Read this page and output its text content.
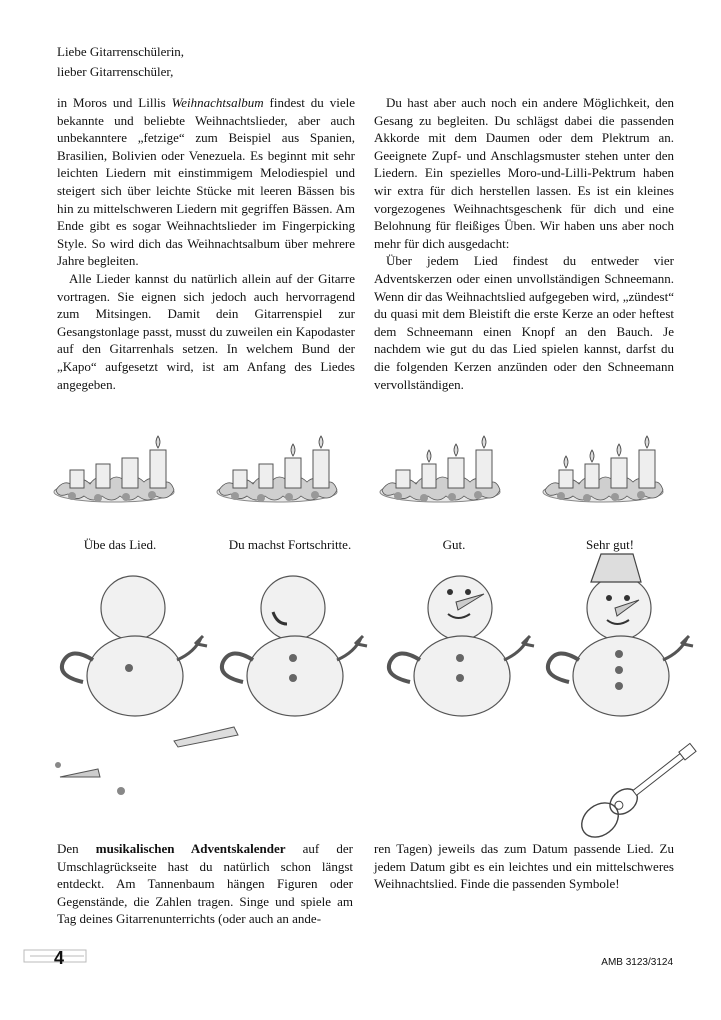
Liebe Gitarrenschülerin,
lieber Gitarrenschüler,

in Moros und Lillis Weihnachtsalbum findest du viele bekannte und beliebte Weihnachtslieder, aber auch unbekanntere „fetzige“ zum Beispiel aus Spanien, Brasilien, Bolivien oder Venezuela. Es beginnt mit sehr leichten Liedern mit einstimmigem Melodiespiel und steigert sich über leichte Stücke mit leeren Bässen bis hin zu mittelschweren Liedern mit gegriffen Bässen. Am Ende gibt es sogar Weihnachtslieder im Fingerpicking Style. So wird dich das Weihnachtsalbum über mehrere Jahre begleiten.

Alle Lieder kannst du natürlich allein auf der Gitarre vortragen. Sie eignen sich jedoch auch hervorragend zum Mitsingen. Damit dein Gitarrenspiel zur Gesangstonlage passt, musst du zuweilen ein Kapodaster auf den Gitarrenhals setzen. In welchem Bund der „Kapo“ aufgesetzt wird, ist am Anfang des Liedes angegeben.

Du hast aber auch noch ein andere Möglichkeit, den Gesang zu begleiten. Du schlägst dabei die passenden Akkorde mit dem Daumen oder dem Plektrum an. Geeignete Zupf- und Anschlagsmuster stehen unter den Liedern. Ein spezielles Moro-und-Lilli-Pektrum haben wir extra für dich herstellen lassen. Es ist ein kleines vorgezogenes Weihnachtsgeschenk für dich und eine Belohnung für fleißiges Üben. Wir haben uns aber noch mehr für dich ausgedacht:

Über jedem Lied findest du entweder vier Adventskerzen oder einen unvollständigen Schneemann. Wenn dir das Weihnachtslied aufgegeben wird, „zündest“ du quasi mit dem Bleistift die erste Kerze an oder heftest dem Schneemann einen Knopf an den Bauch. Je nachdem wie gut du das Lied spielen kannst, darfst du die folgenden Kerzen anzünden oder den Schneemann vervollständigen.

Übe das Lied.	Du machst Fortschritte.	Gut.	Sehr gut!

Den musikalischen Adventskalender auf der Umschlagrückseite hast du natürlich schon längst entdeckt. Am Tannenbaum hängen Figuren oder Gegenstände, die Zahlen tragen. Singe und spiele am Tag deines Gitarrenunterrichts (oder auch an ande-

ren Tagen) jeweils das zum Datum passende Lied. Zu jedem Datum gibt es ein leichtes und ein mittelschweres Weihnachtslied. Finde die passenden Symbole!

4	AMB 3123/3124
